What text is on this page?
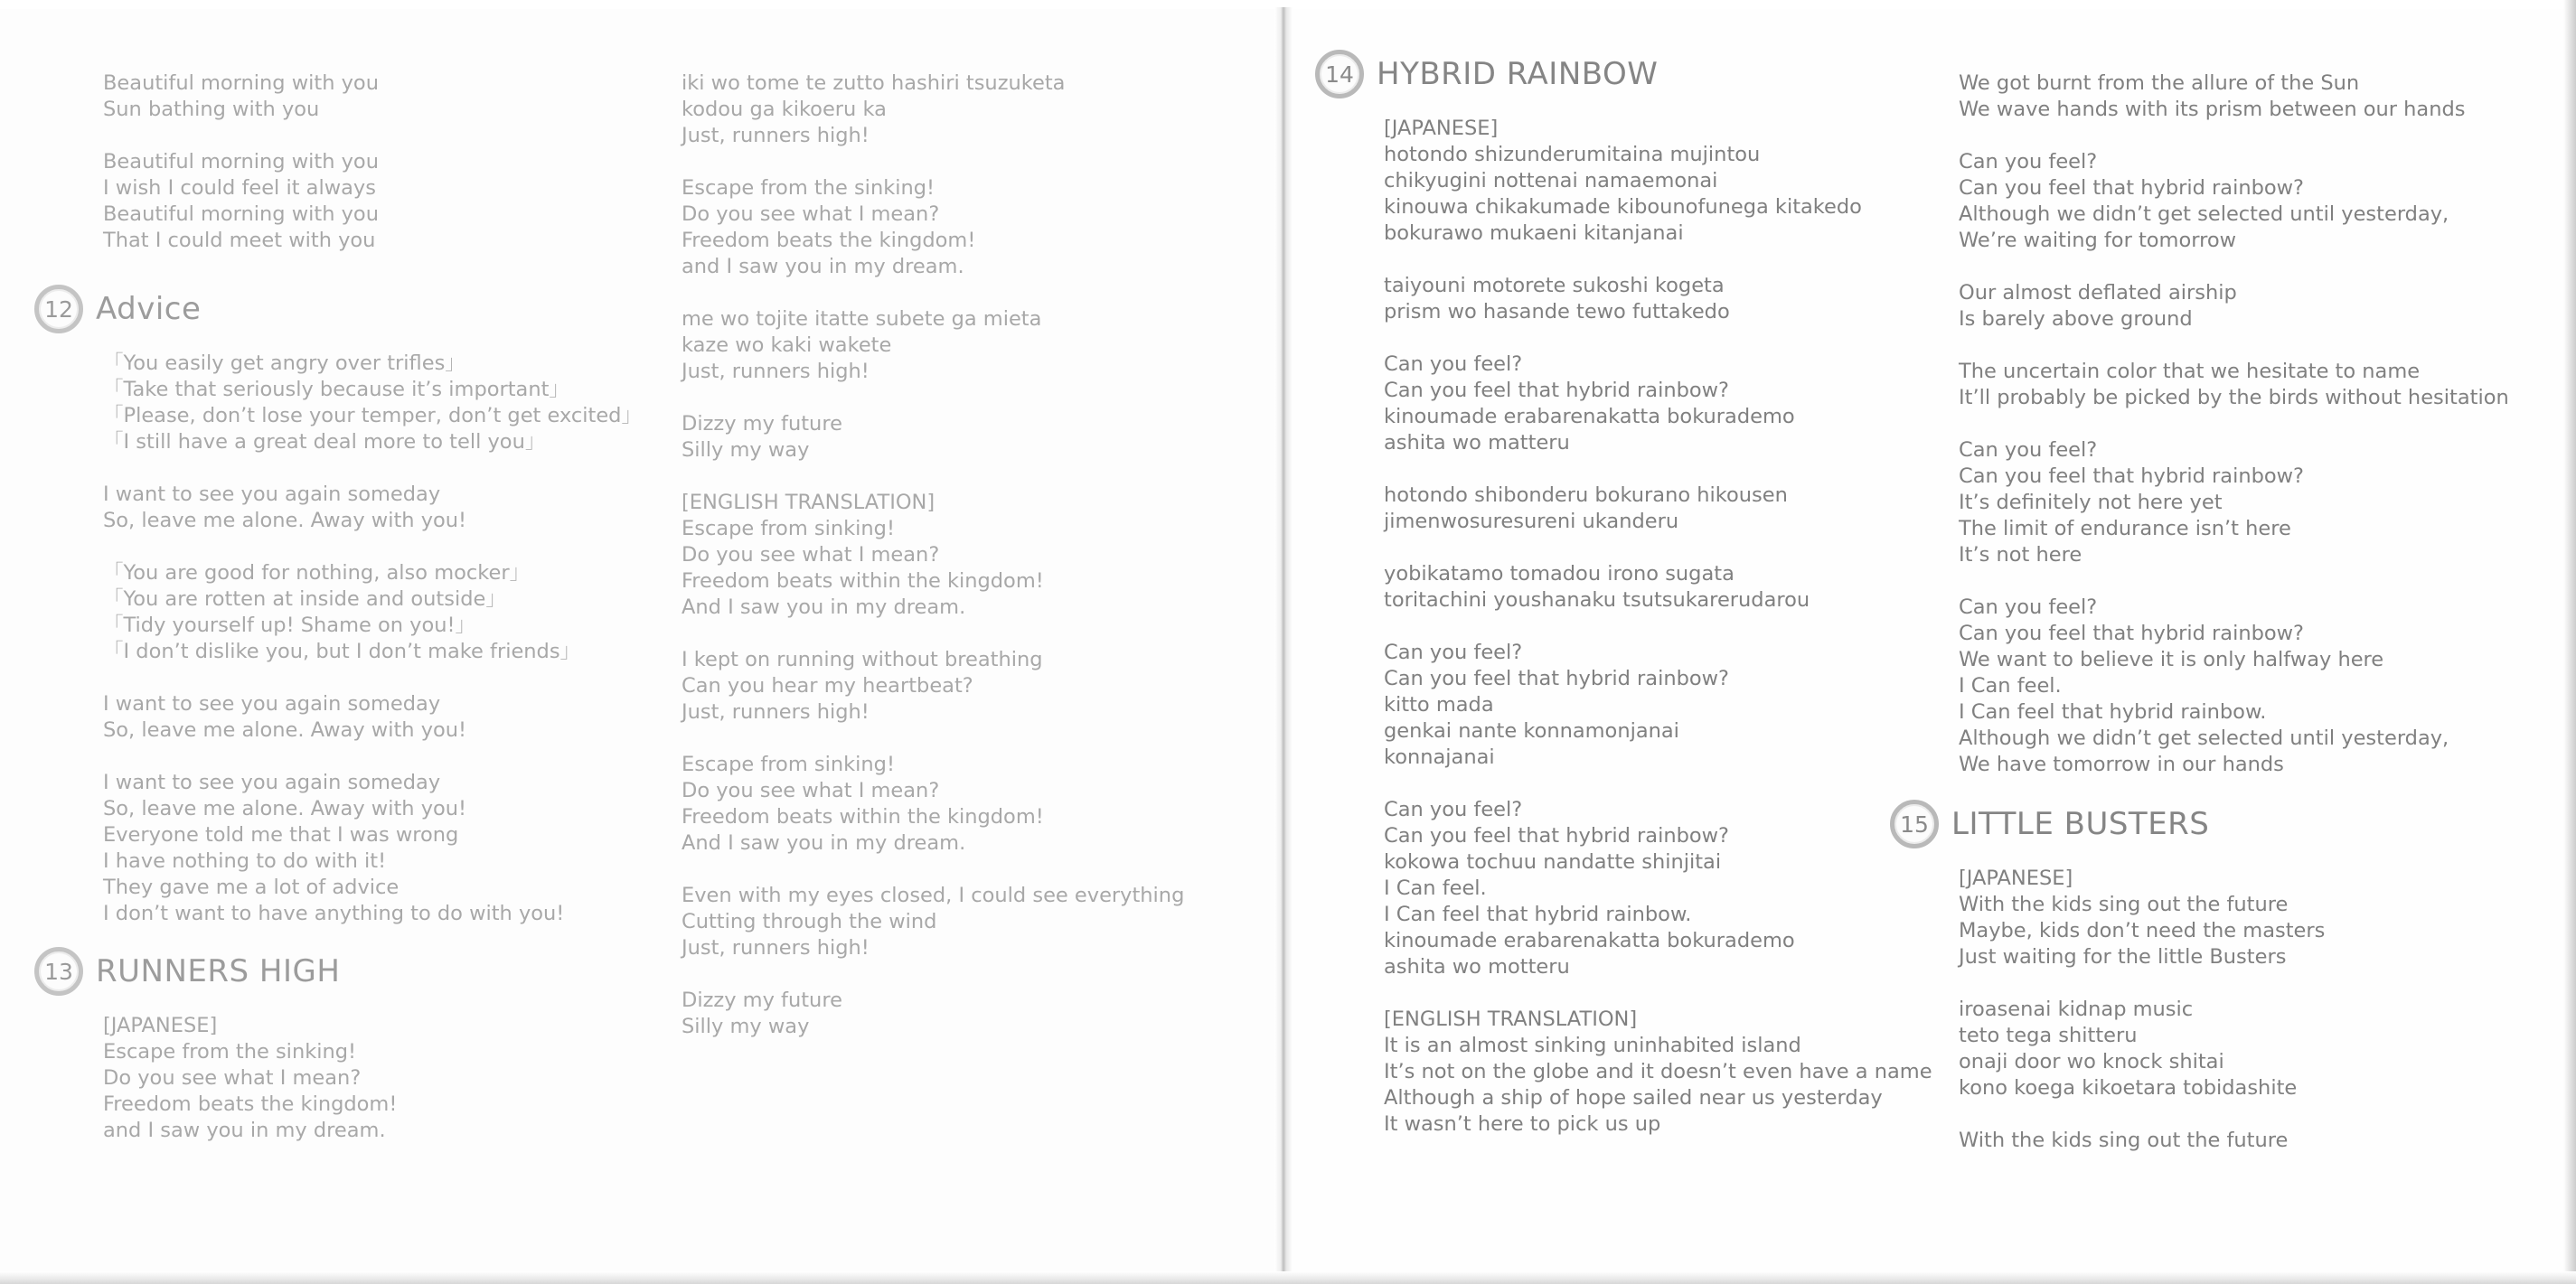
Beautiful morning with you
Sun bathing with you
Beautiful morning with you
I wish I could feel it always
Beautiful morning with you
That I could meet with you
12 Advice
「You easily get angry over trifles」
「Take that seriously because it’s important」
「Please, don’t lose your temper, don’t get excited」
「I still have a great deal more to tell you」
I want to see you again someday
So, leave me alone. Away with you!
「You are good for nothing, also mocker」
「You are rotten at inside and outside」
「Tidy yourself up! Shame on you!」
「I don’t dislike you, but I don’t make friends」
I want to see you again someday
So, leave me alone. Away with you!
I want to see you again someday
So, leave me alone. Away with you!
Everyone told me that I was wrong
I have nothing to do with it!
They gave me a lot of advice
I don’t want to have anything to do with you!
13 RUNNERS HIGH
[JAPANESE]
Escape from the sinking!
Do you see what I mean?
Freedom beats the kingdom!
and I saw you in my dream.
iki wo tome te zutto hashiri tsuzuketa
kodou ga kikoeru ka
Just, runners high!
Escape from the sinking!
Do you see what I mean?
Freedom beats the kingdom!
and I saw you in my dream.
me wo tojite itatte subete ga mieta
kaze wo kaki wakete
Just, runners high!
Dizzy my future
Silly my way
[ENGLISH TRANSLATION]
Escape from sinking!
Do you see what I mean?
Freedom beats within the kingdom!
And I saw you in my dream.
I kept on running without breathing
Can you hear my heartbeat?
Just, runners high!
Escape from sinking!
Do you see what I mean?
Freedom beats within the kingdom!
And I saw you in my dream.
Even with my eyes closed, I could see everything
Cutting through the wind
Just, runners high!
Dizzy my future
Silly my way
14 HYBRID RAINBOW
[JAPANESE]
hotondo shizunderumitaina mujintou
chikyugini nottenai namaemonai
kinouwa chikakumade kibounofunega kitakedo
bokurawo mukaeni kitanjanai
taiyouni motorete sukoshi kogeta
prism wo hasande tewo futtakedo
Can you feel?
Can you feel that hybrid rainbow?
kinoumade erabarenakatta bokurademo
ashita wo matteru
hotondo shibonderu bokurano hikousen
jimenwosuresureni ukanderu
yobikatamo tomadou irono sugata
toritachini youshanaku tsutsukarerudarou
Can you feel?
Can you feel that hybrid rainbow?
kitto mada
genkai nante konnamonjanai
konnajanai
Can you feel?
Can you feel that hybrid rainbow?
kokowa tochuu nandatte shinjitai
I Can feel.
I Can feel that hybrid rainbow.
kinoumade erabarenakatta bokurademo
ashita wo motteru
[ENGLISH TRANSLATION]
It is an almost sinking uninhabited island
It’s not on the globe and it doesn’t even have a name
Although a ship of hope sailed near us yesterday
It wasn’t here to pick us up
We got burnt from the allure of the Sun
We wave hands with its prism between our hands
Can you feel?
Can you feel that hybrid rainbow?
Although we didn’t get selected until yesterday,
We’re waiting for tomorrow
Our almost deflated airship
Is barely above ground
The uncertain color that we hesitate to name
It’ll probably be picked by the birds without hesitation
Can you feel?
Can you feel that hybrid rainbow?
It’s definitely not here yet
The limit of endurance isn’t here
It’s not here
Can you feel?
Can you feel that hybrid rainbow?
We want to believe it is only halfway here
I Can feel.
I Can feel that hybrid rainbow.
Although we didn’t get selected until yesterday,
We have tomorrow in our hands
15 LITTLE BUSTERS
[JAPANESE]
With the kids sing out the future
Maybe, kids don’t need the masters
Just waiting for the little Busters
iroasenai kidnap music
teto tega shitteru
onaji door wo knock shitai
kono koega kikoetara tobidashite
With the kids sing out the future
